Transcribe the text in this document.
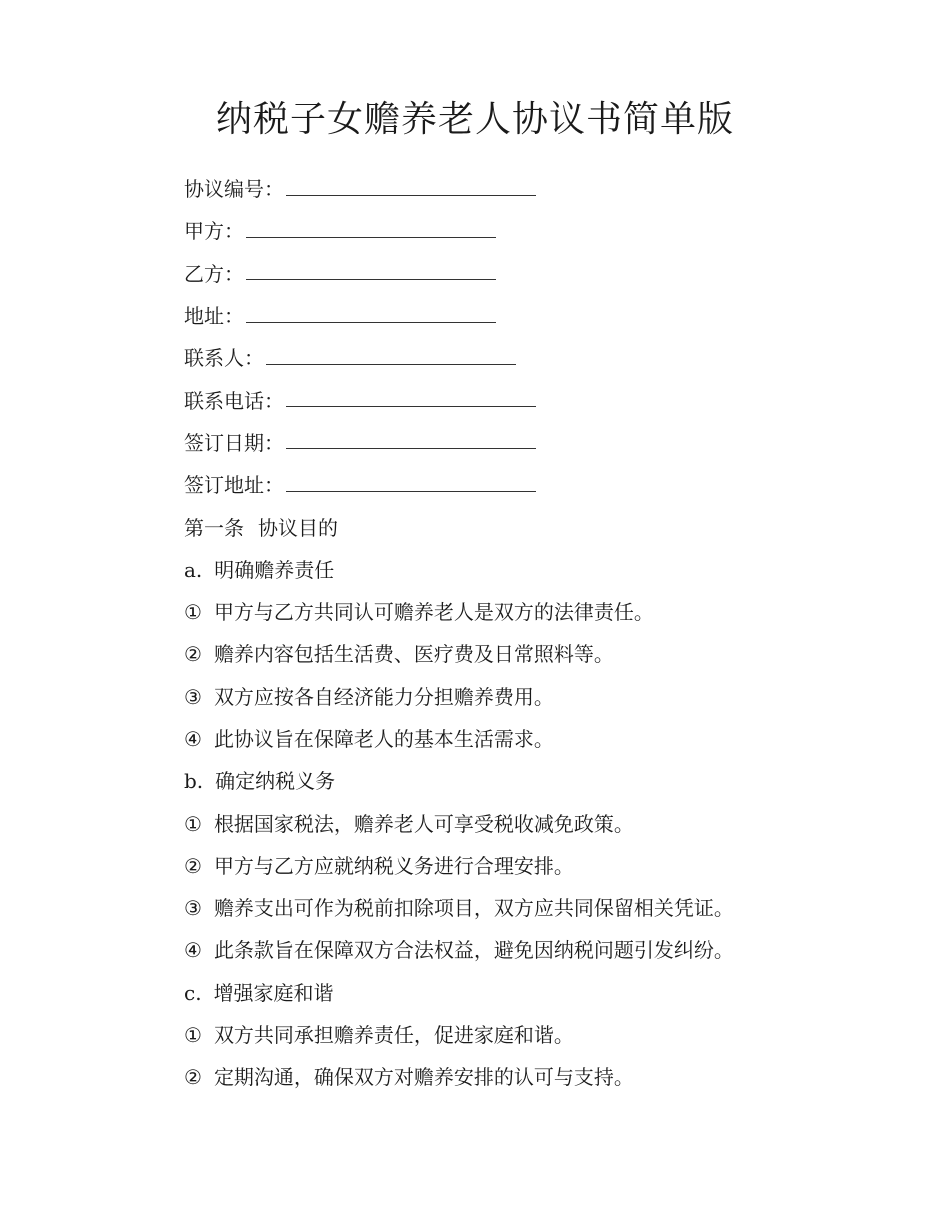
纳税子女赡养老人协议书简单版
协议编号：
甲方：
乙方：
地址：
联系人：
联系电话：
签订日期：
签订地址：
第一条 协议目的
a. 明确赡养责任
① 甲方与乙方共同认可赡养老人是双方的法律责任。
② 赡养内容包括生活费、医疗费及日常照料等。
③ 双方应按各自经济能力分担赡养费用。
④ 此协议旨在保障老人的基本生活需求。
b. 确定纳税义务
① 根据国家税法，赡养老人可享受税收减免政策。
② 甲方与乙方应就纳税义务进行合理安排。
③ 赡养支出可作为税前扣除项目，双方应共同保留相关凭证。
④ 此条款旨在保障双方合法权益，避免因纳税问题引发纠纷。
c. 增强家庭和谐
① 双方共同承担赡养责任，促进家庭和谐。
② 定期沟通，确保双方对赡养安排的认可与支持。
